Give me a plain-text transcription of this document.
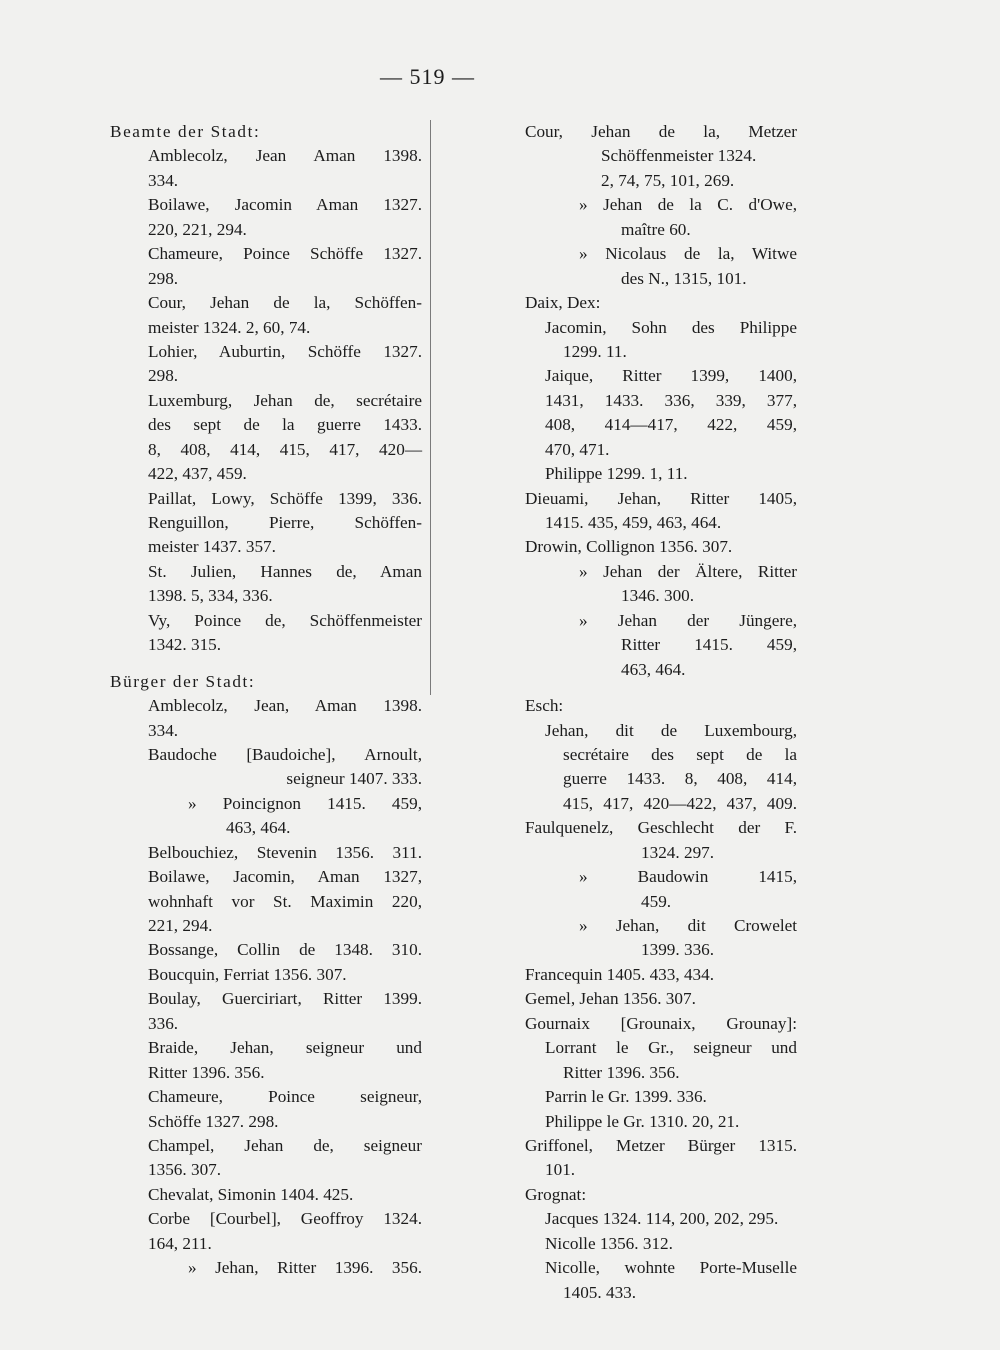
— 519 —
Beamte der Stadt:
Amblecolz, Jean Aman 1398.
334.
Boilawe, Jacomin Aman 1327.
220, 221, 294.
Chameure, Poince Schöffe 1327.
298.
Cour, Jehan de la, Schöffen-
meister 1324. 2, 60, 74.
Lohier, Auburtin, Schöffe 1327.
298.
Luxemburg, Jehan de, secrétaire
des sept de la guerre 1433.
8, 408, 414, 415, 417, 420—
422, 437, 459.
Paillat, Lowy, Schöffe 1399, 336.
Renguillon, Pierre, Schöffen-
meister 1437. 357.
St. Julien, Hannes de, Aman
1398. 5, 334, 336.
Vy, Poince de, Schöffenmeister
1342. 315.
Bürger der Stadt:
Amblecolz, Jean, Aman 1398.
334.
Baudoche [Baudoiche], Arnoult,
seigneur 1407. 333.
» Poincignon 1415. 459,
463, 464.
Belbouchiez, Stevenin 1356. 311.
Boilawe, Jacomin, Aman 1327,
wohnhaft vor St. Maximin 220,
221, 294.
Bossange, Collin de 1348. 310.
Boucquin, Ferriat 1356. 307.
Boulay, Guerciriart, Ritter 1399.
336.
Braide, Jehan, seigneur und
Ritter 1396. 356.
Chameure, Poince seigneur,
Schöffe 1327. 298.
Champel, Jehan de, seigneur
1356. 307.
Chevalat, Simonin 1404. 425.
Corbe [Courbel], Geoffroy 1324.
164, 211.
» Jehan, Ritter 1396. 356.
Cour, Jehan de la, Metzer
Schöffenmeister 1324.
2, 74, 75, 101, 269.
» Jehan de la C. d'Owe,
maître 60.
» Nicolaus de la, Witwe
des N., 1315, 101.
Daix, Dex:
Jacomin, Sohn des Philippe
1299. 11.
Jaique, Ritter 1399, 1400,
1431, 1433. 336, 339, 377,
408, 414—417, 422, 459,
470, 471.
Philippe 1299. 1, 11.
Dieuami, Jehan, Ritter 1405,
1415. 435, 459, 463, 464.
Drowin, Collignon 1356. 307.
» Jehan der Ältere, Ritter
1346. 300.
» Jehan der Jüngere,
Ritter 1415. 459,
463, 464.
Esch:
Jehan, dit de Luxembourg,
secrétaire des sept de la
guerre 1433. 8, 408, 414,
415, 417, 420—422, 437, 409.
Faulquenelz, Geschlecht der F.
1324. 297.
» Baudowin 1415,
459.
» Jehan, dit Crowelet
1399. 336.
Francequin 1405. 433, 434.
Gemel, Jehan 1356. 307.
Gournaix [Grounaix, Grounay]:
Lorrant le Gr., seigneur und
Ritter 1396. 356.
Parrin le Gr. 1399. 336.
Philippe le Gr. 1310. 20, 21.
Griffonel, Metzer Bürger 1315.
101.
Grognat:
Jacques 1324. 114, 200, 202, 295.
Nicolle 1356. 312.
Nicolle, wohnte Porte-Muselle
1405. 433.
